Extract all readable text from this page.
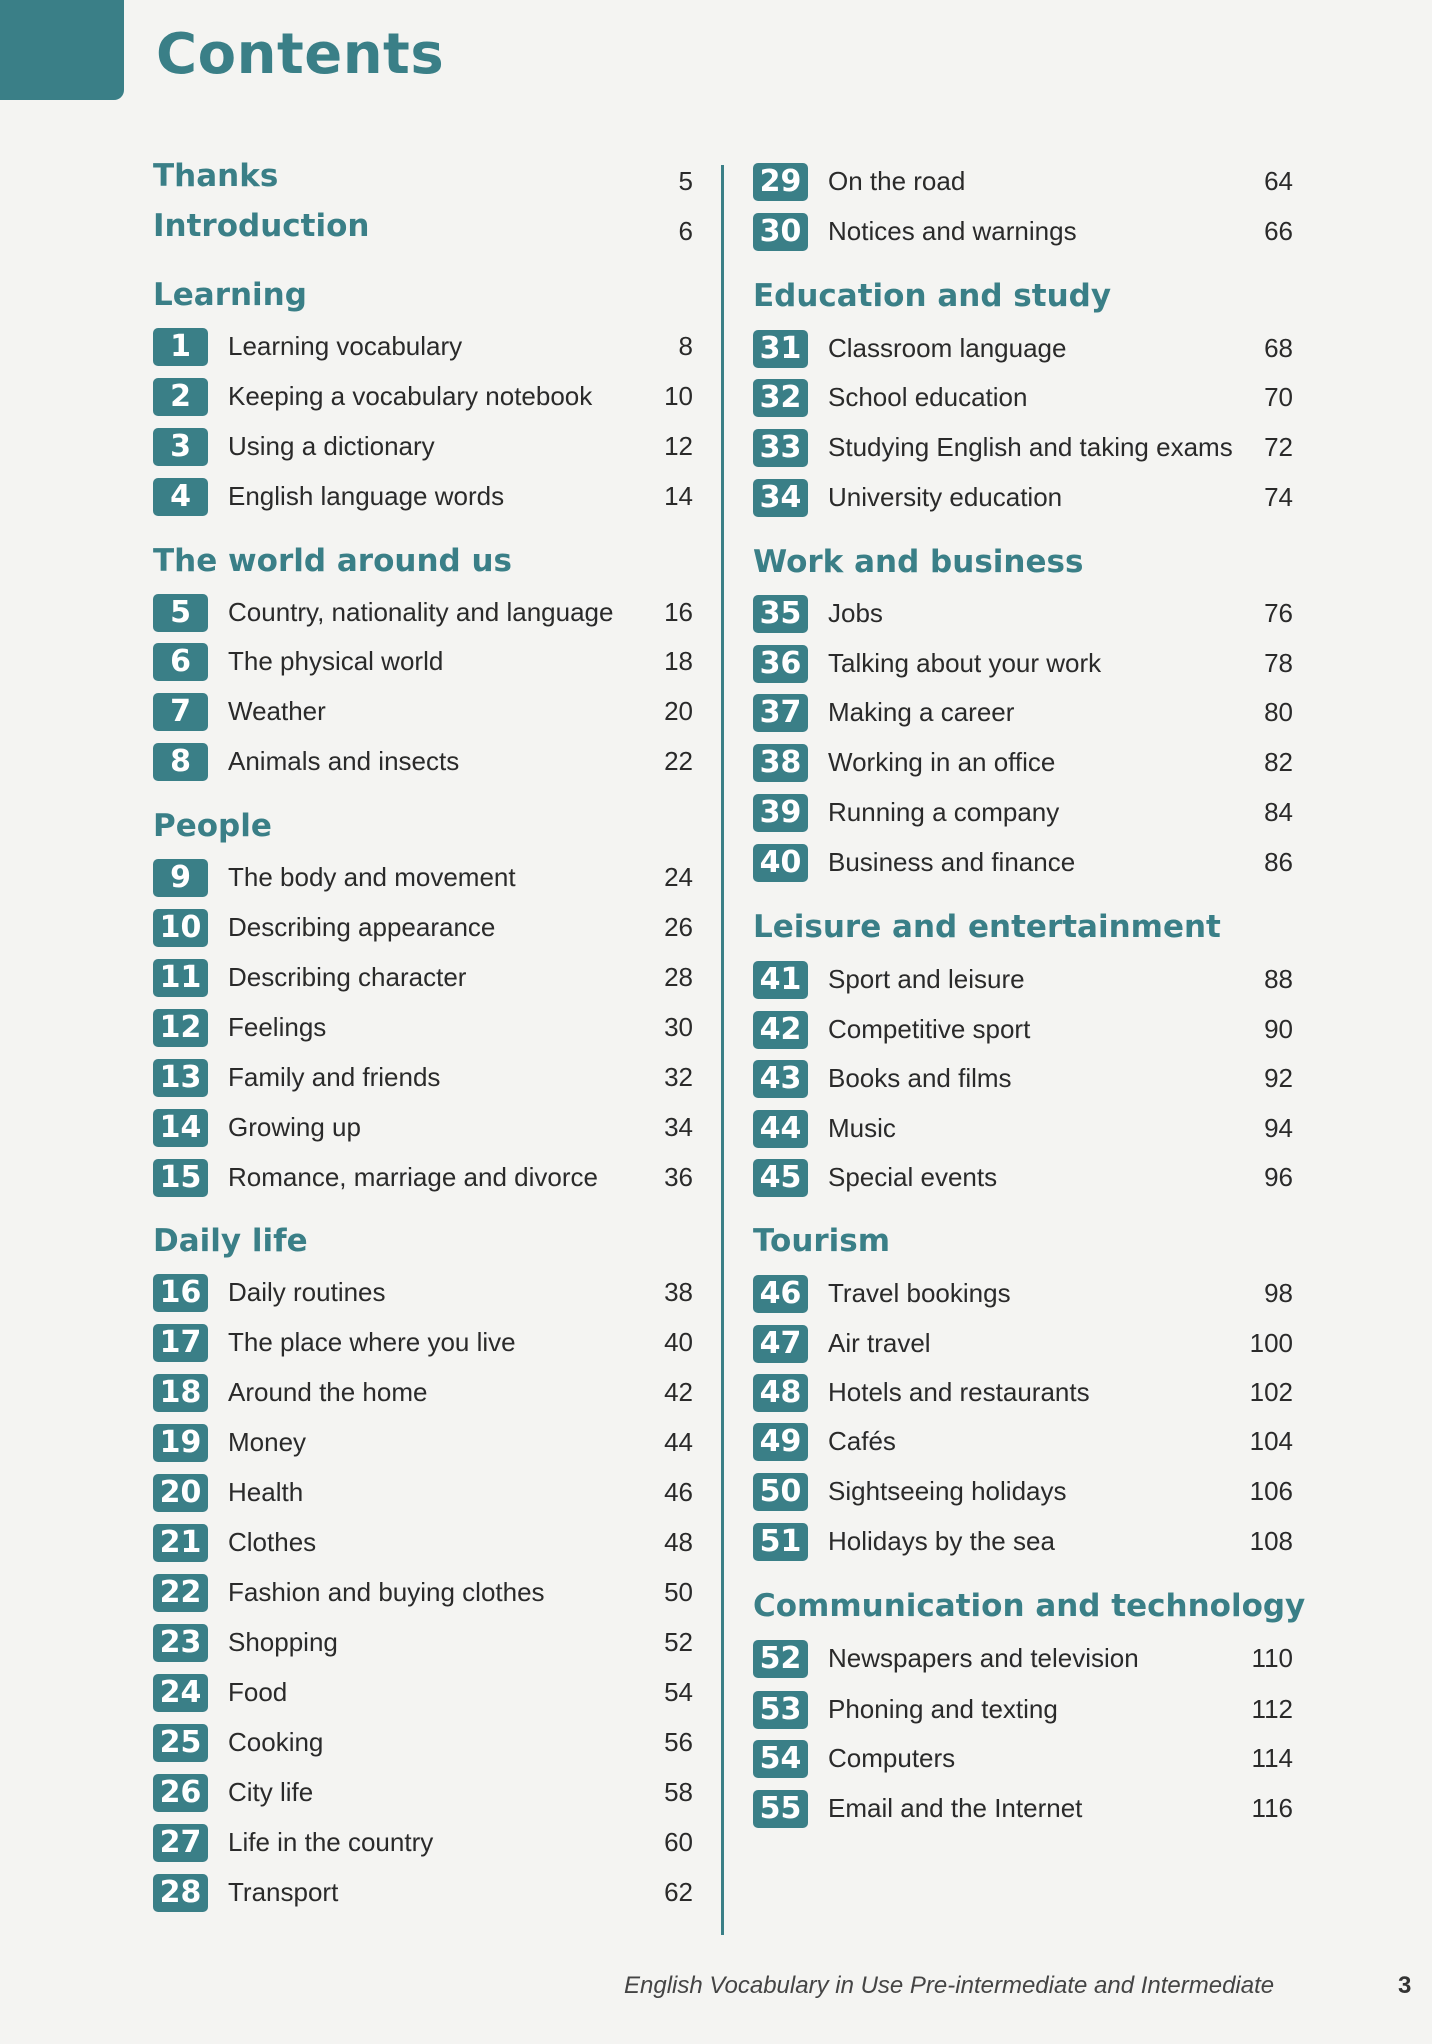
Contents
Thanks	5
Introduction	6
Learning
1	Learning vocabulary	8
2	Keeping a vocabulary notebook	10
3	Using a dictionary	12
4	English language words	14
The world around us
5	Country, nationality and language 16
6	The physical world	18
7	Weather	20
8	Animals and insects	22
People
9	The body and movement	24
10 Describing appearance	26
11 Describing character	28
12 Feelings	30
13 Family and friends	32
14 Growing up	34
15 Romance, marriage and divorce	36
Daily life
16 Daily routines	38
17 The place where you live	40
18 Around the home	42
19 Money	44
20 Health	46
21 Clothes	48
22 Fashion and buying clothes	50
23 Shopping	52
24 Food	54
25 Cooking	56
26 City life	58
27 Life in the country	60
28 Transport	62
29 On the road	64
30 Notices and warnings	66
Education and study
31 Classroom language	68
32 School education	70
33 Studying English and taking exams 72
34 University education	74
Work and business
35 Jobs	76
36 Talking about your work	78
37 Making a career	80
38 Working in an office	82
39 Running a company	84
40 Business and finance	86
Leisure and entertainment
41 Sport and leisure	88
42 Competitive sport	90
43 Books and films	92
44 Music	94
45 Special events	96
Tourism
46 Travel bookings	98
47 Air travel	100
48 Hotels and restaurants	102
49 Cafés	104
50 Sightseeing holidays	106
51 Holidays by the sea	108
Communication and technology
52 Newspapers and television	110
53 Phoning and texting	112
54 Computers	114
55 Email and the Internet	116
English Vocabulary in Use Pre-intermediate and Intermediate	3
